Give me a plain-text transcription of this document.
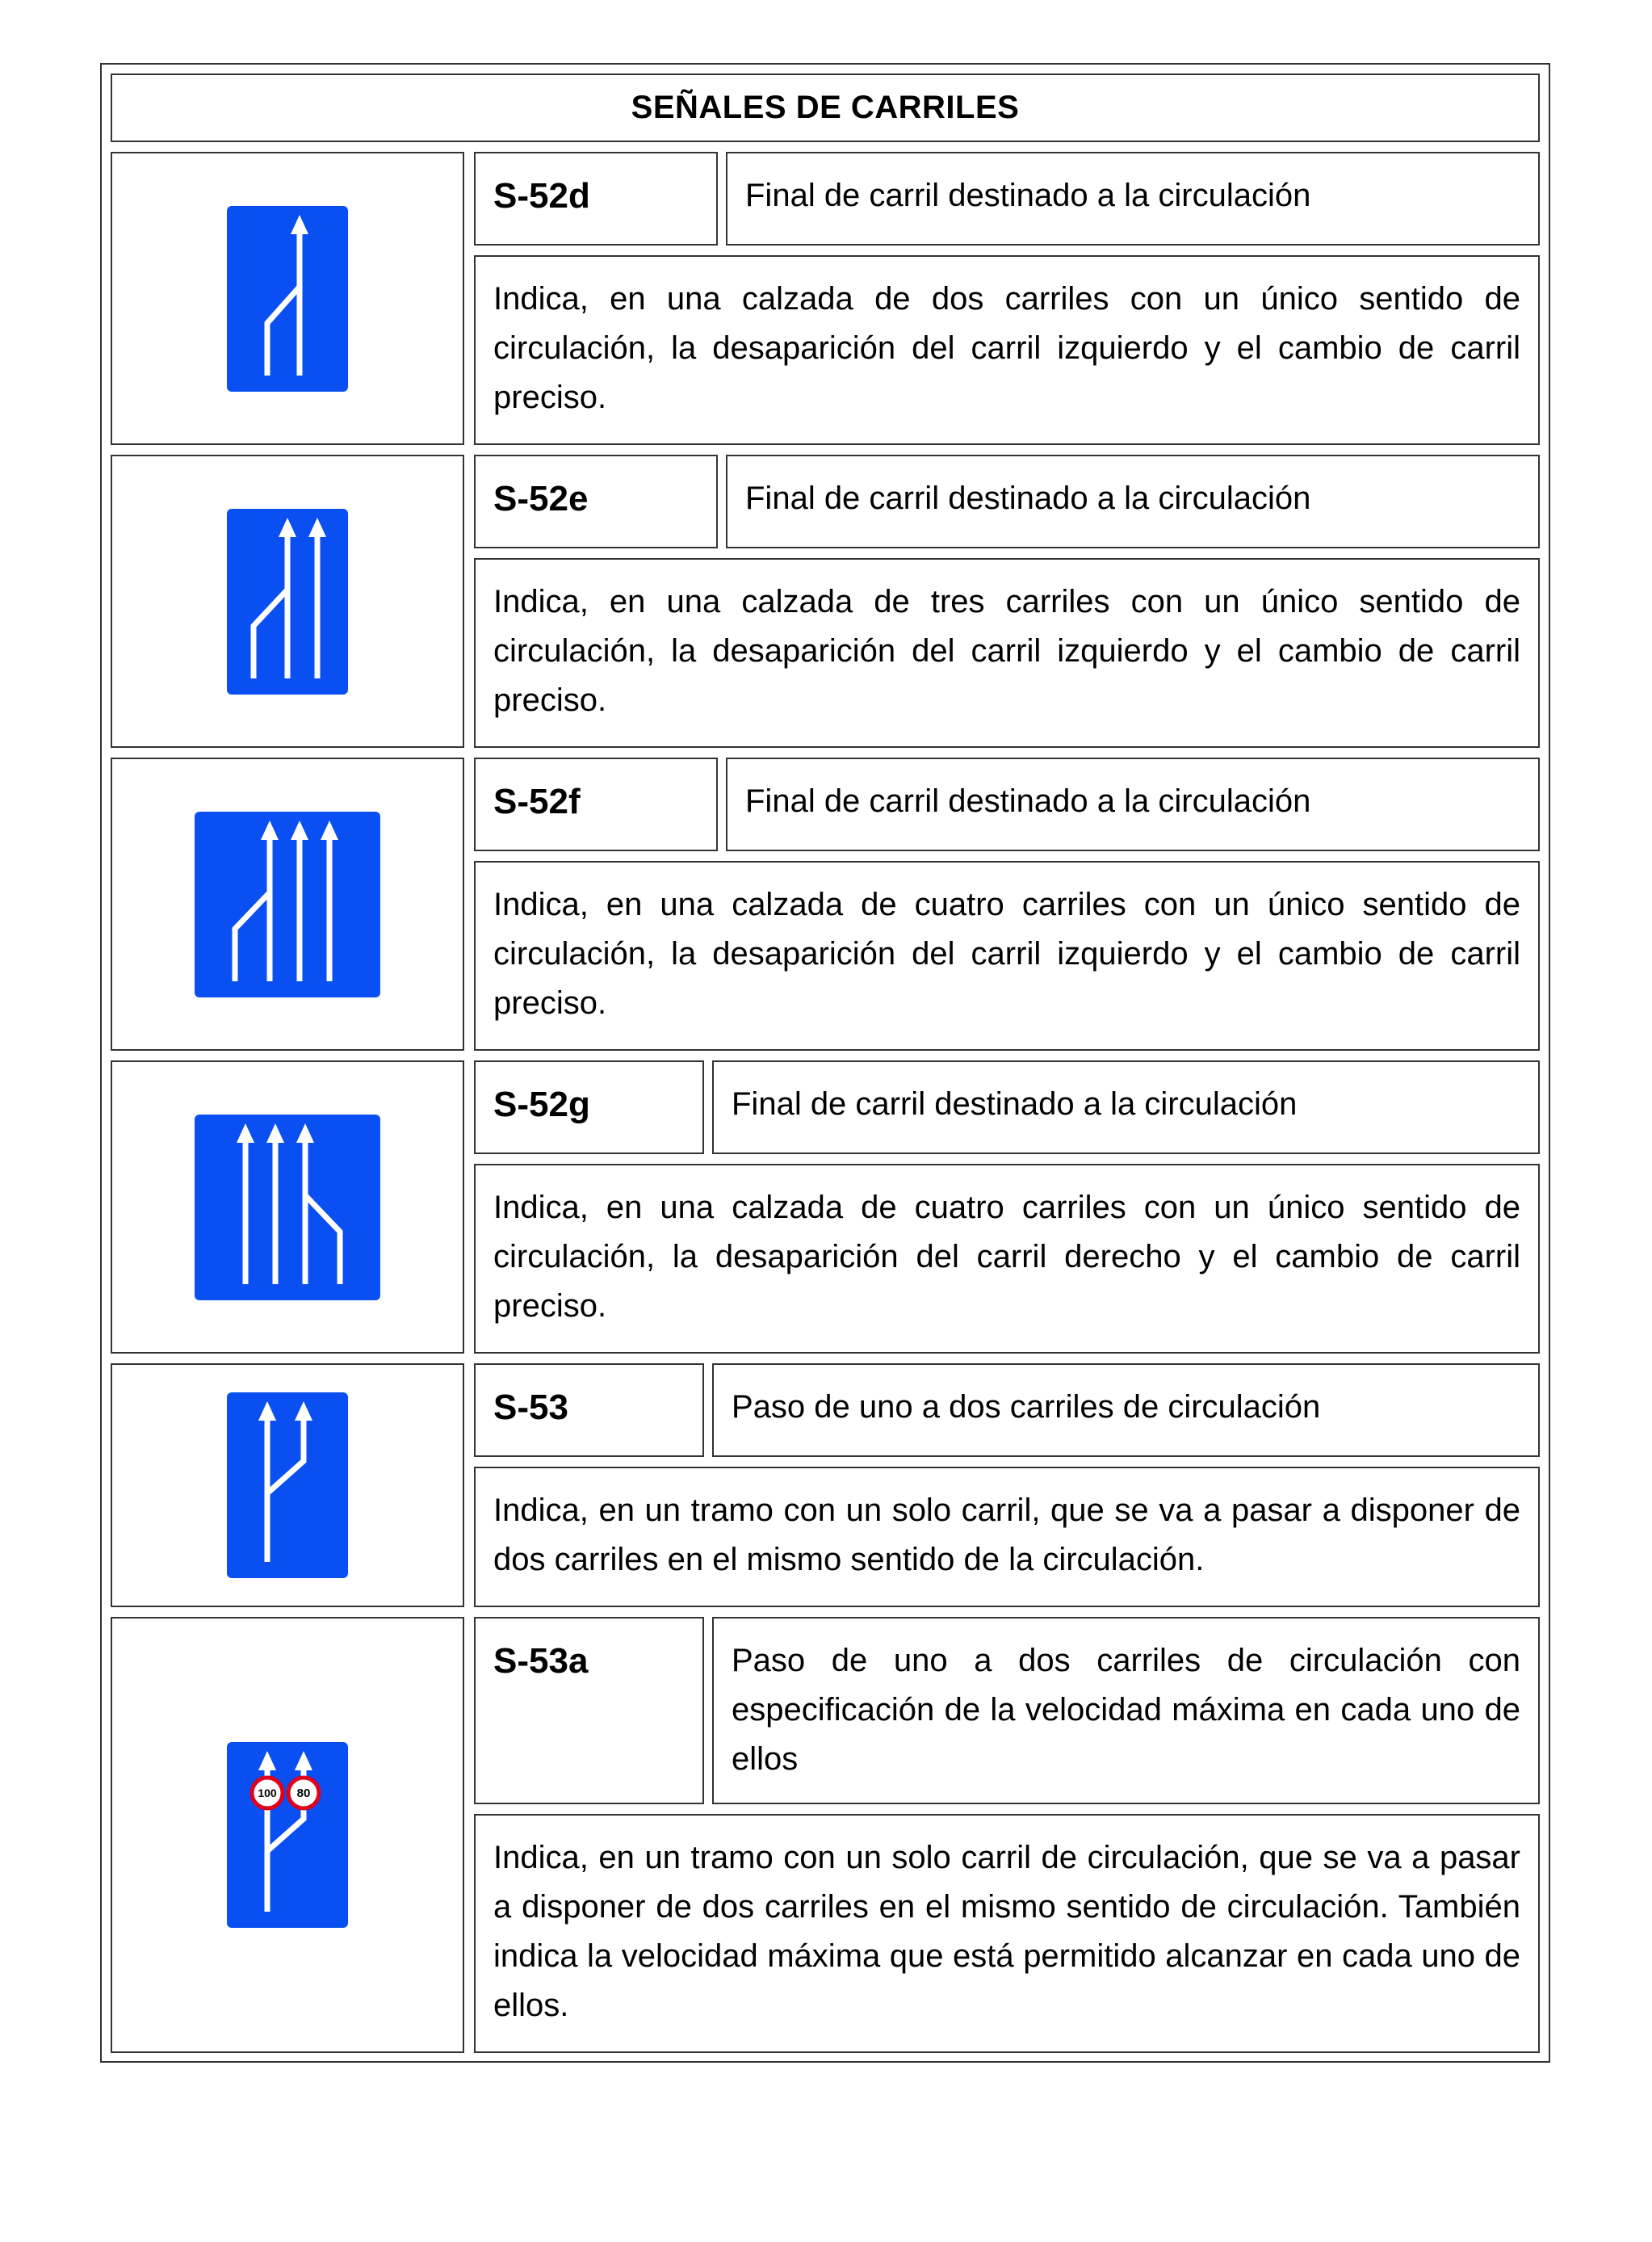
SEÑALES DE CARRILES
S-52d	Final de carril destinado a la circulación
Indica, en una calzada de dos carriles con un único sentido de circulación, la desaparición del carril izquierdo y el cambio de carril preciso.
S-52e	Final de carril destinado a la circulación
Indica, en una calzada de tres carriles con un único sentido de circulación, la desaparición del carril izquierdo y el cambio de carril preciso.
S-52f	Final de carril destinado a la circulación
Indica, en una calzada de cuatro carriles con un único sentido de circulación, la desaparición del carril izquierdo y el cambio de carril preciso.
S-52g	Final de carril destinado a la circulación
Indica, en una calzada de cuatro carriles con un único sentido de circulación, la desaparición del carril derecho y el cambio de carril preciso.
S-53	Paso de uno a dos carriles de circulación
Indica, en un tramo con un solo carril, que se va a pasar a disponer de dos carriles en el mismo sentido de la circulación.
100 80
S-53a	Paso de uno a dos carriles de circulación con especificación de la velocidad máxima en cada uno de ellos
Indica, en un tramo con un solo carril de circulación, que se va a pasar a disponer de dos carriles en el mismo sentido de circulación. También indica la velocidad máxima que está permitido alcanzar en cada uno de ellos.
